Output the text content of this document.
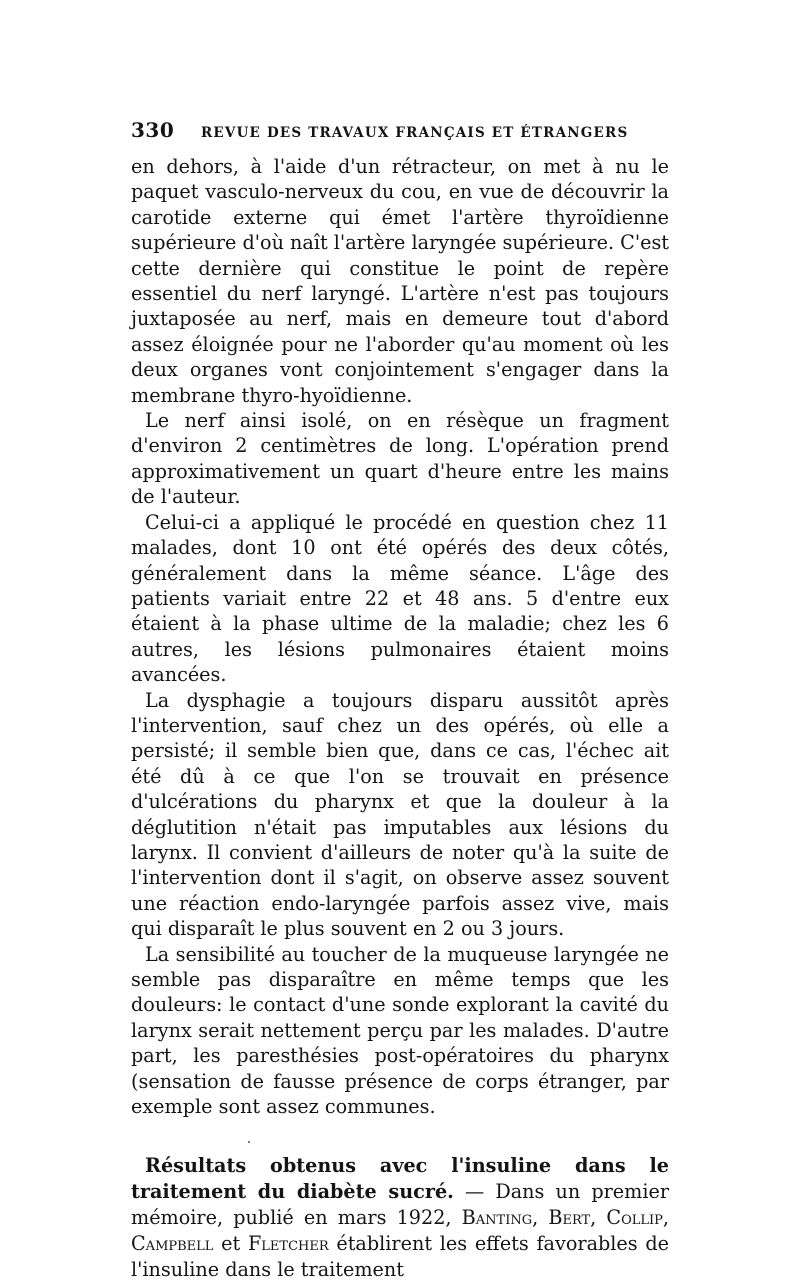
330	REVUE DES TRAVAUX FRANÇAIS ET ÉTRANGERS

en dehors, à l'aide d'un rétracteur, on met à nu le paquet vasculo-nerveux du cou, en vue de découvrir la carotide externe qui émet l'artère thyroïdienne supérieure d'où naît l'artère laryngée supérieure. C'est cette dernière qui constitue le point de repère essentiel du nerf laryngé. L'artère n'est pas toujours juxtaposée au nerf, mais en demeure tout d'abord assez éloignée pour ne l'aborder qu'au moment où les deux organes vont conjointement s'engager dans la membrane thyro-hyoïdienne.

Le nerf ainsi isolé, on en résèque un fragment d'environ 2 centimètres de long. L'opération prend approximativement un quart d'heure entre les mains de l'auteur.

Celui-ci a appliqué le procédé en question chez 11 malades, dont 10 ont été opérés des deux côtés, généralement dans la même séance. L'âge des patients variait entre 22 et 48 ans. 5 d'entre eux étaient à la phase ultime de la maladie; chez les 6 autres, les lésions pulmonaires étaient moins avancées.

La dysphagie a toujours disparu aussitôt après l'intervention, sauf chez un des opérés, où elle a persisté; il semble bien que, dans ce cas, l'échec ait été dû à ce que l'on se trouvait en présence d'ulcérations du pharynx et que la douleur à la déglutition n'était pas imputables aux lésions du larynx. Il convient d'ailleurs de noter qu'à la suite de l'intervention dont il s'agit, on observe assez souvent une réaction endo-laryngée parfois assez vive, mais qui disparaît le plus souvent en 2 ou 3 jours.

La sensibilité au toucher de la muqueuse laryngée ne semble pas disparaître en même temps que les douleurs: le contact d'une sonde explorant la cavité du larynx serait nettement perçu par les malades. D'autre part, les paresthésies post-opératoires du pharynx (sensation de fausse présence de corps étranger, par exemple sont assez communes.

Résultats obtenus avec l'insuline dans le traitement du diabète sucré. — Dans un premier mémoire, publié en mars 1922, Banting, Bert, Collip, Campbell et Fletcher établirent les effets favorables de l'insuline dans le traitement
